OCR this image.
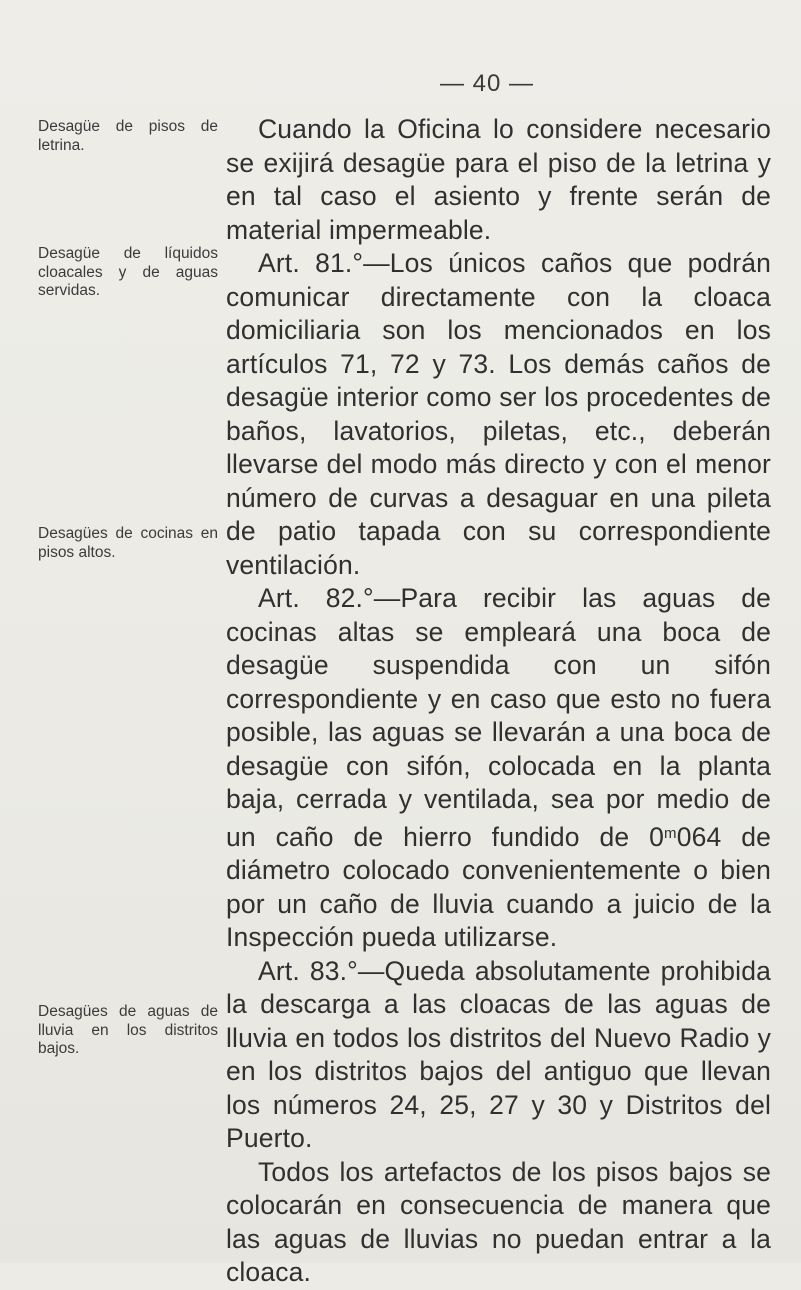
— 40 —
Desagüe de pisos de letrina.
Desagüe de líquidos cloacales y de aguas servidas.
Desagües de cocinas en pisos altos.
Desagües de aguas de lluvia en los distritos bajos.

Cuando la Oficina lo considere necesario se exijirá desagüe para el piso de la letrina y en tal caso el asiento y frente serán de material impermeable.

Art. 81.°—Los únicos caños que podrán comunicar directamente con la cloaca domiciliaria son los mencionados en los artículos 71, 72 y 73. Los demás caños de desagüe interior como ser los procedentes de baños, lavatorios, piletas, etc., deberán llevarse del modo más directo y con el menor número de curvas a desaguar en una pileta de patio tapada con su correspondiente ventilación.

Art. 82.°—Para recibir las aguas de cocinas altas se empleará una boca de desagüe suspendida con un sifón correspondiente y en caso que esto no fuera posible, las aguas se llevarán a una boca de desagüe con sifón, colocada en la planta baja, cerrada y ventilada, sea por medio de un caño de hierro fundido de 0$^m$064 de diámetro colocado convenientemente o bien por un caño de lluvia cuando a juicio de la Inspección pueda utilizarse.

Art. 83.°—Queda absolutamente prohibida la descarga a las cloacas de las aguas de lluvia en todos los distritos del Nuevo Radio y en los distritos bajos del antiguo que llevan los números 24, 25, 27 y 30 y Distritos del Puerto.

Todos los artefactos de los pisos bajos se colocarán en consecuencia de manera que las aguas de lluvias no puedan entrar a la cloaca.
